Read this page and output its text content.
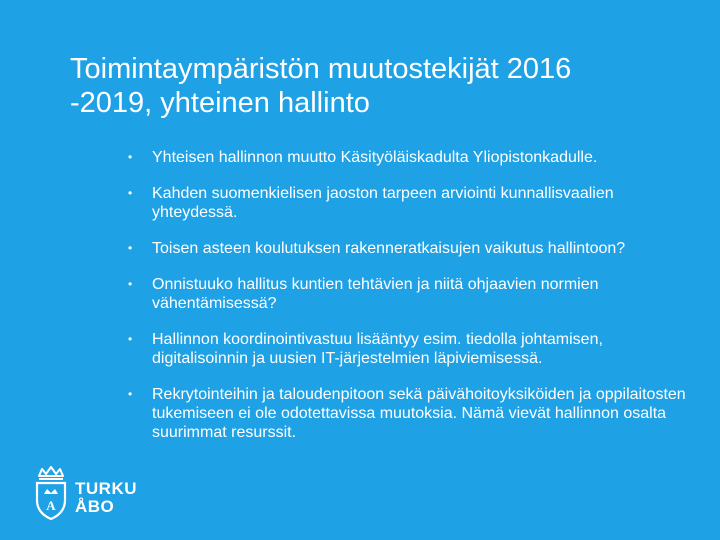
Toimintaympäristön muutostekijät 2016
-2019, yhteinen hallinto
• Yhteisen hallinnon muutto Käsityöläiskadulta Yliopistonkadulle.
• Kahden suomenkielisen jaoston tarpeen arviointi kunnallisvaalien yhteydessä.
• Toisen asteen koulutuksen rakenneratkaisujen vaikutus hallintoon?
• Onnistuuko hallitus kuntien tehtävien ja niitä ohjaavien normien vähentämisessä?
• Hallinnon koordinointivastuu lisääntyy esim. tiedolla johtamisen, digitalisoinnin ja uusien IT-järjestelmien läpiviemisessä.
• Rekrytointeihin ja taloudenpitoon sekä päivähoitoyksiköiden ja oppilaitosten tukemiseen ei ole odotettavissa muutoksia. Nämä vievät hallinnon osalta suurimmat resurssit.
A
TURKU
ÅBO
